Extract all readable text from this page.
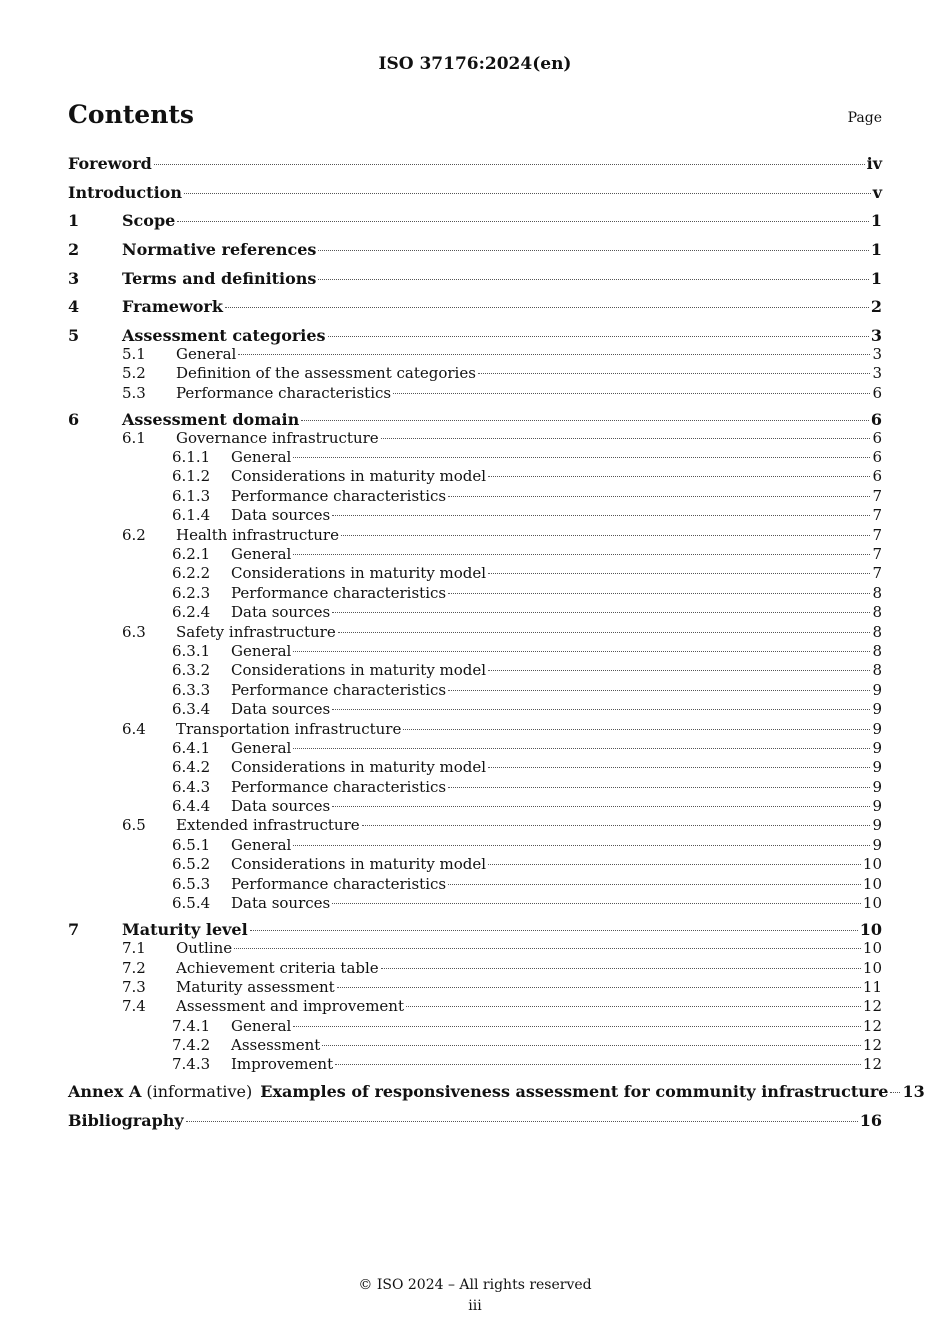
ISO 37176:2024(en)
Contents	Page
Foreword	iv
Introduction	v
1	Scope	1
2	Normative references	1
3	Terms and definitions	1
4	Framework	2
5	Assessment categories	3
5.1	General	3
5.2	Definition of the assessment categories	3
5.3	Performance characteristics	6
6	Assessment domain	6
6.1	Governance infrastructure	6
6.1.1	General	6
6.1.2	Considerations in maturity model	6
6.1.3	Performance characteristics	7
6.1.4	Data sources	7
6.2	Health infrastructure	7
6.2.1	General	7
6.2.2	Considerations in maturity model	7
6.2.3	Performance characteristics	8
6.2.4	Data sources	8
6.3	Safety infrastructure	8
6.3.1	General	8
6.3.2	Considerations in maturity model	8
6.3.3	Performance characteristics	9
6.3.4	Data sources	9
6.4	Transportation infrastructure	9
6.4.1	General	9
6.4.2	Considerations in maturity model	9
6.4.3	Performance characteristics	9
6.4.4	Data sources	9
6.5	Extended infrastructure	9
6.5.1	General	9
6.5.2	Considerations in maturity model	10
6.5.3	Performance characteristics	10
6.5.4	Data sources	10
7	Maturity level	10
7.1	Outline	10
7.2	Achievement criteria table	10
7.3	Maturity assessment	11
7.4	Assessment and improvement	12
7.4.1	General	12
7.4.2	Assessment	12
7.4.3	Improvement	12
Annex A (informative) Examples of responsiveness assessment for community infrastructure 13
Bibliography	16
© ISO 2024 – All rights reserved
iii
